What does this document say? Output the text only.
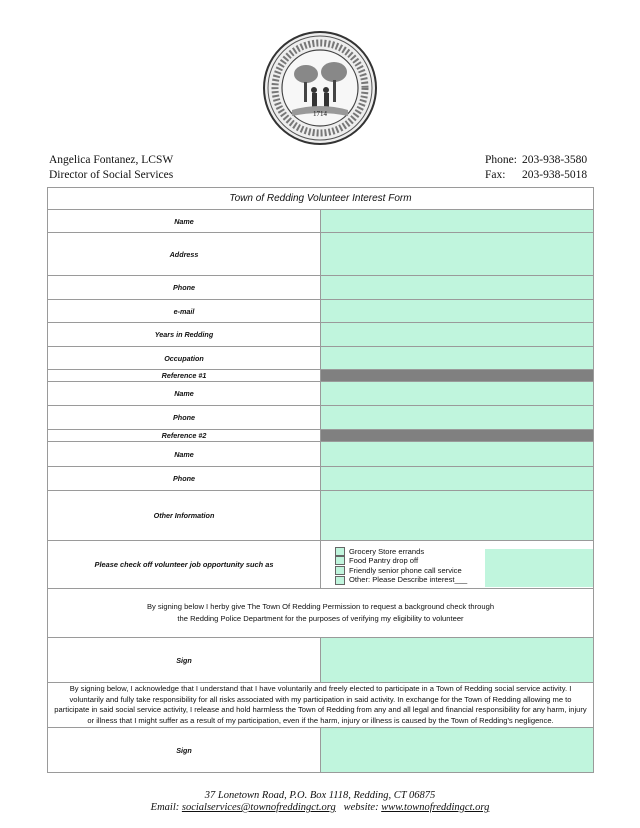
1714
Angelica Fontanez, LCSW
Director of Social Services
Phone: 203-938-3580
Fax:	203-938-5018
Town of Redding Volunteer Interest Form	
Name	
Address	
Phone	
e-mail	
Years in Redding	
Occupation	
Reference #1	
Name	
Phone	
Reference #2	
Name	
Phone	
Other Information	
Please check off volunteer job opportunity such as	Grocery Store errands
Food Pantry drop off
Friendly senior phone call service
Other: Please Describe interest___

By signing below I herby give The Town Of Redding Permission to request a background check through
the Redding Police Department for the purposes of verifying my eligibility to volunteer	

Sign	
By signing below, I acknowledge that I understand that I have voluntarily and freely elected to participate in a Town of Redding social service activity. I voluntarily and fully take responsibility for all risks associated with my participation in said activity. In exchange for the Town of Redding allowing me to participate in said social service activity, I release and hold harmless the Town of Redding from any and all legal and financial responsibility for any harm, injury or illness that I might suffer as a result of my participation, even if the harm, injury or illness is caused by the Town of Redding's negligence.	
Sign	
37 Lonetown Road, P.O. Box 1118, Redding, CT 06875
Email: socialservices@townofreddingct.org website: www.townofreddingct.org
